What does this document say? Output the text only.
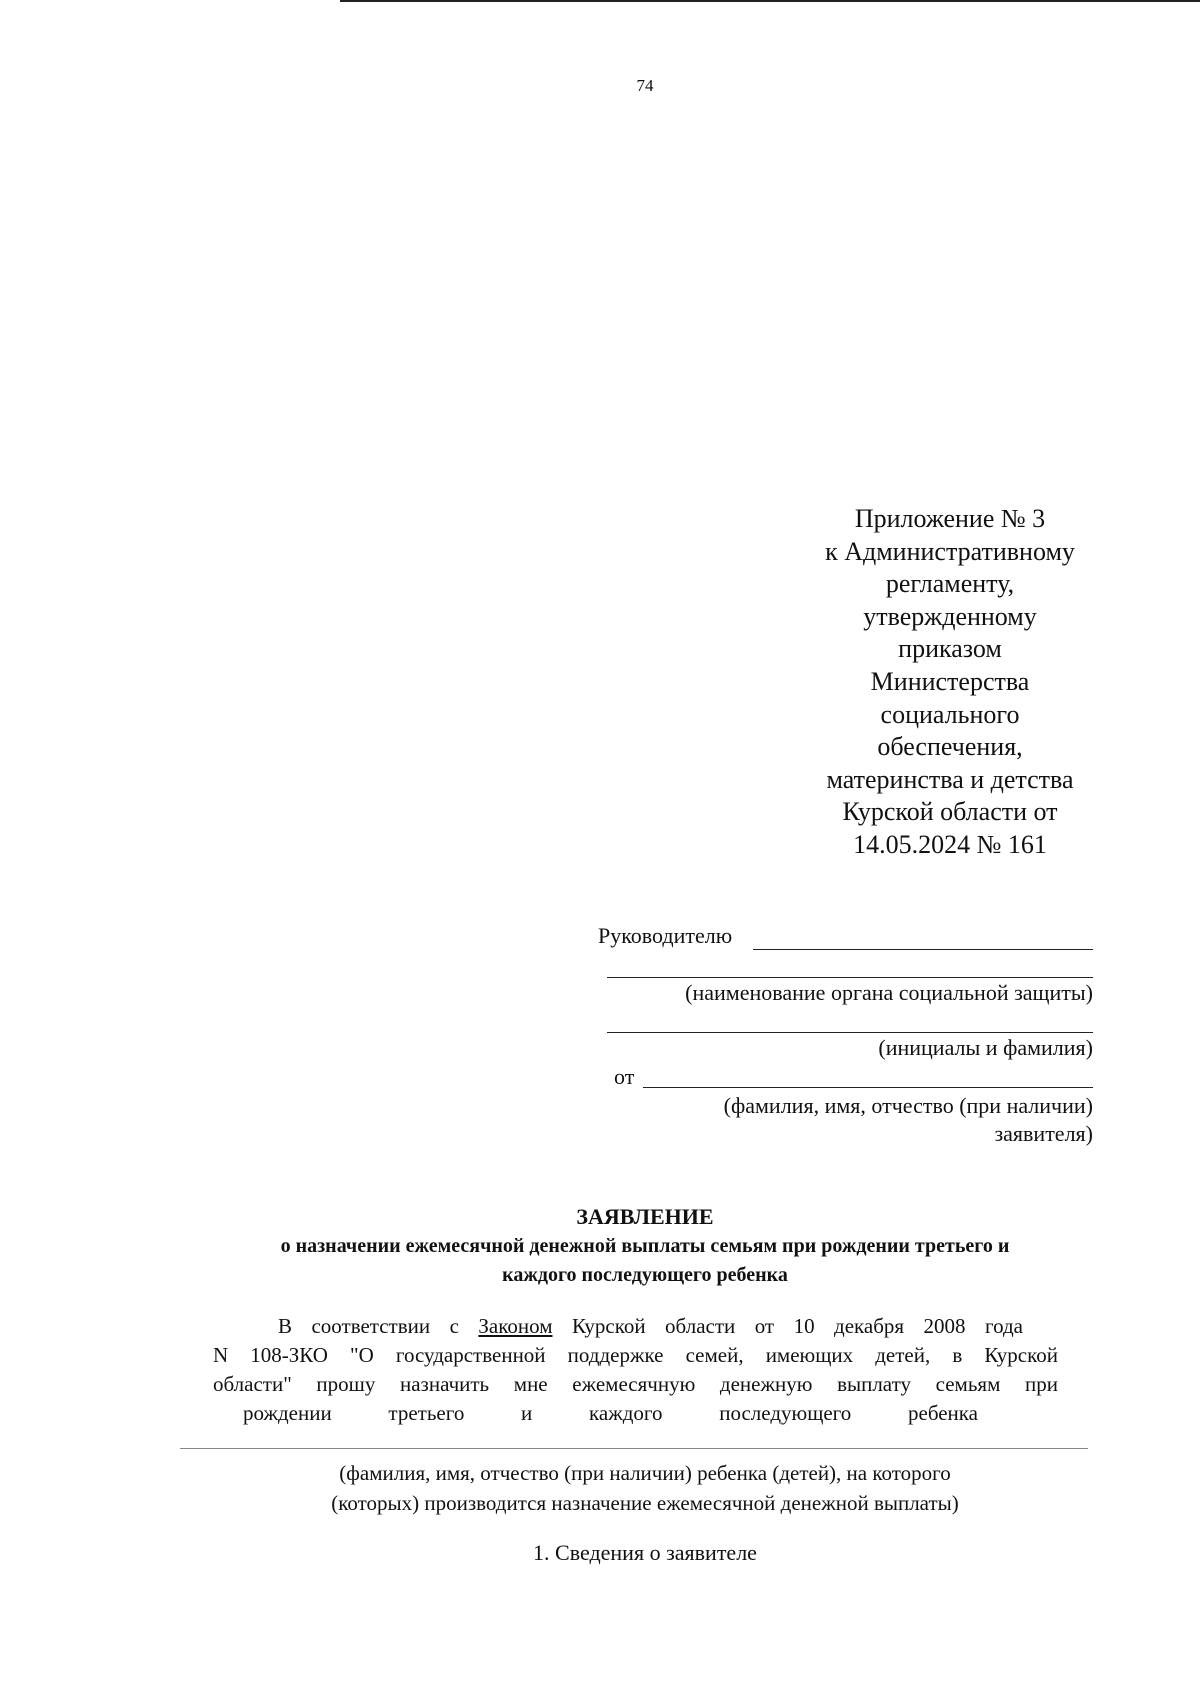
74
Приложение № 3
к Административному
регламенту,
утвержденному
приказом
Министерства
социального
обеспечения,
материнства и детства
Курской области от
14.05.2024 № 161
Руководителю
(наименование органа социальной защиты)
(инициалы и фамилия)
от
(фамилия, имя, отчество (при наличии)
заявителя)
ЗАЯВЛЕНИЕ
о назначении ежемесячной денежной выплаты семьям при рождении третьего и
каждого последующего ребенка
В соответствии с Законом Курской области от 10 декабря 2008 года
N 108-ЗКО "О государственной поддержке семей, имеющих детей, в Курской
области" прошу назначить мне ежемесячную денежную выплату семьям при
рождении третьего и каждого последующего ребенка
(фамилия, имя, отчество (при наличии) ребенка (детей), на которого
(которых) производится назначение ежемесячной денежной выплаты)
1. Сведения о заявителе
